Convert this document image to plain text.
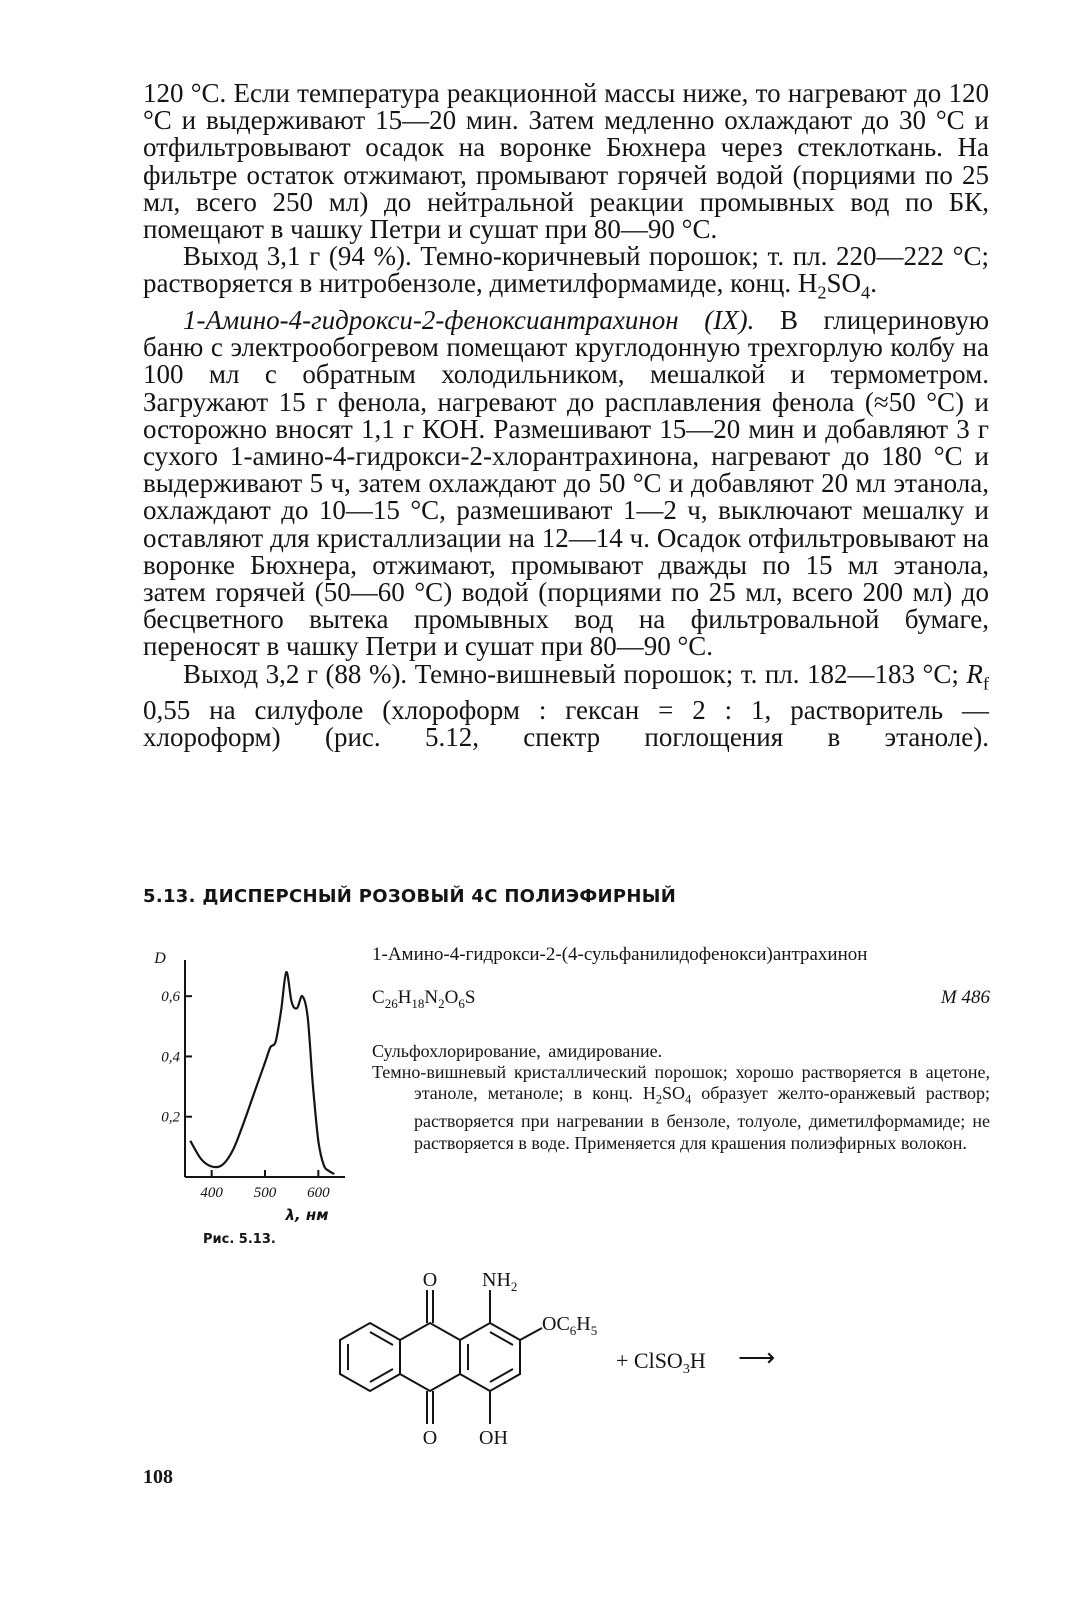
120 °C. Если температура реакционной массы ниже, то нагревают до 120 °C и выдерживают 15—20 мин. Затем медленно охлаждают до 30 °C и отфильтровывают осадок на воронке Бюхнера через стеклоткань. На фильтре остаток отжимают, промывают горячей водой (порциями по 25 мл, всего 250 мл) до нейтральной реакции промывных вод по БК, помещают в чашку Петри и сушат при 80—90 °C.

Выход 3,1 г (94 %). Темно-коричневый порошок; т. пл. 220—222 °C; растворяется в нитробензоле, диметилформамиде, конц. $H_2SO_4$.

1-Амино-4-гидрокси-2-феноксиантрахинон (IX). В глицериновую баню с электрообогревом помещают круглодонную трехгорлую колбу на 100 мл с обратным холодильником, мешалкой и термометром. Загружают 15 г фенола, нагревают до расплавления фенола (≈50 °C) и осторожно вносят 1,1 г КОН. Размешивают 15—20 мин и добавляют 3 г сухого 1-амино-4-гидрокси-2-хлорантрахинона, нагревают до 180 °C и выдерживают 5 ч, затем охлаждают до 50 °C и добавляют 20 мл этанола, охлаждают до 10—15 °C, размешивают 1—2 ч, выключают мешалку и оставляют для кристаллизации на 12—14 ч. Осадок отфильтровывают на воронке Бюхнера, отжимают, промывают дважды по 15 мл этанола, затем горячей (50—60 °C) водой (порциями по 25 мл, всего 200 мл) до бесцветного вытека промывных вод на фильтровальной бумаге, переносят в чашку Петри и сушат при 80—90 °C.

Выход 3,2 г (88 %). Темно-вишневый порошок; т. пл. 182—183 °C; $R_f$ 0,55 на силуфоле (хлороформ : гексан = 2 : 1, растворитель — хлороформ) (рис. 5.12, спектр поглощения в этаноле).

5.13. ДИСПЕРСНЫЙ РОЗОВЫЙ 4С ПОЛИЭФИРНЫЙ
0,2
0,4
0,6
400 500 600
D
λ, нм
Рис. 5.13.
1-Амино-4-гидрокси-2-(4-сульфанилидофенокси)антрахинон
$C_{26}H_{18}N_2O_6S$	M 486
Сульфохлорирование, амидирование.
Темно-вишневый кристаллический порошок; хорошо растворяется в ацетоне, этаноле, метаноле; в конц. $H_2SO_4$ образует желто-оранжевый раствор; растворяется при нагревании в бензоле, толуоле, диметилформамиде; не растворяется в воде. Применяется для крашения полиэфирных волокон.
O $NH_2$
$OC_6H_5$
O OH
+ ClSO$_3$H ⟶
108
